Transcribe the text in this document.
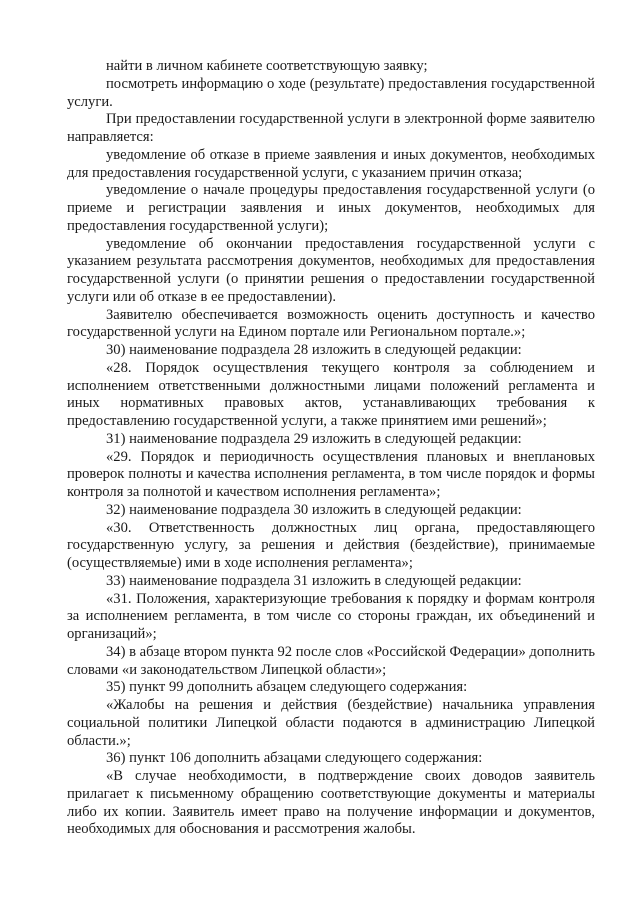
найти в личном кабинете соответствующую заявку;

посмотреть информацию о ходе (результате) предоставления государственной услуги.

При предоставлении государственной услуги в электронной форме заявителю направляется:

уведомление об отказе в приеме заявления и иных документов, необходимых для предоставления государственной услуги, с указанием причин отказа;

уведомление о начале процедуры предоставления государственной услуги (о приеме и регистрации заявления и иных документов, необходимых для предоставления государственной услуги);

уведомление об окончании предоставления государственной услуги с указанием результата рассмотрения документов, необходимых для предоставления государственной услуги (о принятии решения о предоставлении государственной услуги или об отказе в ее предоставлении).

Заявителю обеспечивается возможность оценить доступность и качество государственной услуги на Едином портале или Региональном портале.»;

30) наименование подраздела 28 изложить в следующей редакции:

«28. Порядок осуществления текущего контроля за соблюдением и исполнением ответственными должностными лицами положений регламента и иных нормативных правовых актов, устанавливающих требования к предоставлению государственной услуги, а также принятием ими решений»;

31) наименование подраздела 29 изложить в следующей редакции:

«29. Порядок и периодичность осуществления плановых и внеплановых проверок полноты и качества исполнения регламента, в том числе порядок и формы контроля за полнотой и качеством исполнения регламента»;

32) наименование подраздела 30 изложить в следующей редакции:

«30. Ответственность должностных лиц органа, предоставляющего государственную услугу, за решения и действия (бездействие), принимаемые (осуществляемые) ими в ходе исполнения регламента»;

33) наименование подраздела 31 изложить в следующей редакции:

«31. Положения, характеризующие требования к порядку и формам контроля за исполнением регламента, в том числе со стороны граждан, их объединений и организаций»;

34) в абзаце втором пункта 92 после слов «Российской Федерации» дополнить словами «и законодательством Липецкой области»;

35) пункт 99 дополнить абзацем следующего содержания:

«Жалобы на решения и действия (бездействие) начальника управления социальной политики Липецкой области подаются в администрацию Липецкой области.»;

36) пункт 106 дополнить абзацами следующего содержания:

«В случае необходимости, в подтверждение своих доводов заявитель прилагает к письменному обращению соответствующие документы и материалы либо их копии. Заявитель имеет право на получение информации и документов, необходимых для обоснования и рассмотрения жалобы.
